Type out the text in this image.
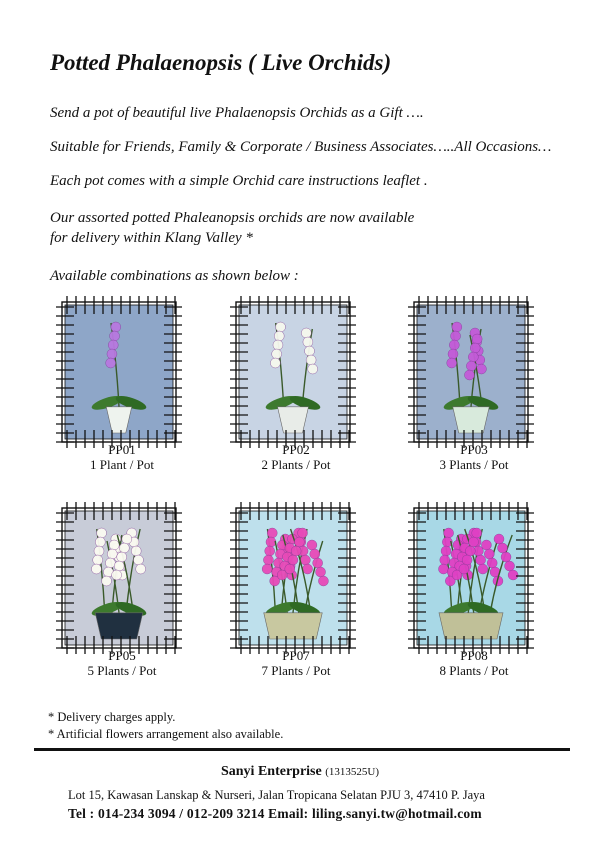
Potted Phalaenopsis ( Live Orchids)

Send a pot of beautiful live Phalaenopsis Orchids as a Gift ….

Suitable for Friends, Family & Corporate / Business Associates…..All Occasions…

Each pot comes with a simple Orchid care instructions leaflet .

Our assorted potted Phaleanopsis orchids are now available

for delivery within Klang Valley *

Available combinations as shown below :

PP01
1 Plant / Pot
PP02
2 Plants / Pot
PP03
3 Plants / Pot
PP05
5 Plants / Pot
PP07
7 Plants / Pot
PP08
8 Plants / Pot
* Delivery charges apply.
* Artificial flowers arrangement also available.
Sanyi Enterprise (1313525U)
Lot 15, Kawasan Lanskap & Nurseri, Jalan Tropicana Selatan PJU 3, 47410 P. Jaya
Tel : 014-234 3094 / 012-209 3214 Email: liling.sanyi.tw@hotmail.com
